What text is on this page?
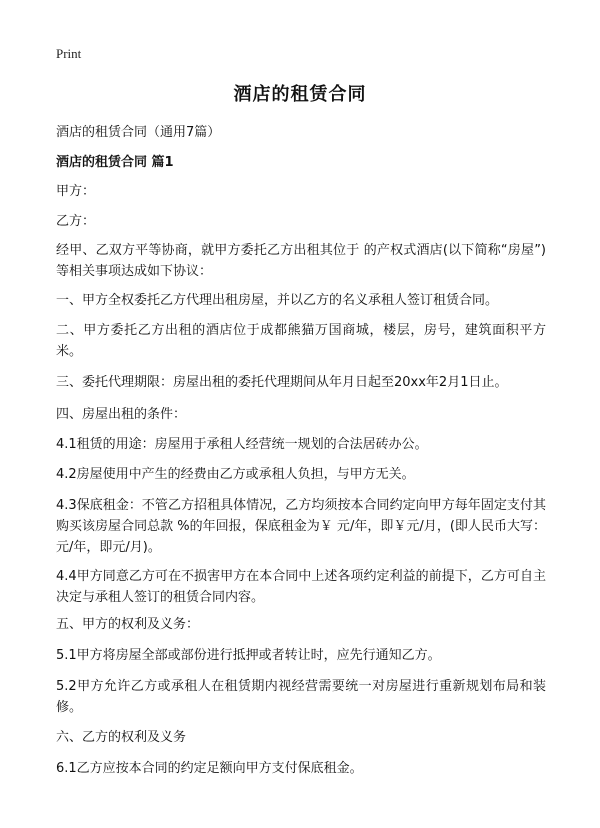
Print
酒店的租赁合同
酒店的租赁合同（通用7篇）
酒店的租赁合同 篇1
甲方：
乙方：
经甲、乙双方平等协商，就甲方委托乙方出租其位于 的产权式酒店(以下简称“房屋”)等相关事项达成如下协议：
一、甲方全权委托乙方代理出租房屋，并以乙方的名义承租人签订租赁合同。
二、甲方委托乙方出租的酒店位于成都熊猫万国商城，楼层，房号，建筑面积平方 米。
三、委托代理期限：房屋出租的委托代理期间从年月日起至20xx年2月1日止。
四、房屋出租的条件：
4.1租赁的用途：房屋用于承租人经营统一规划的合法居砖办公。
4.2房屋使用中产生的经费由乙方或承租人负担，与甲方无关。
4.3保底租金：不管乙方招租具体情况，乙方均须按本合同约定向甲方每年固定支付其购买该房屋合同总款 %的年回报，保底租金为￥ 元/年，即￥元/月，(即人民币大写：元/年，即元/月)。
4.4甲方同意乙方可在不损害甲方在本合同中上述各项约定利益的前提下，乙方可自主决定与承租人签订的租赁合同内容。
五、甲方的权利及义务：
5.1甲方将房屋全部或部份进行抵押或者转让时，应先行通知乙方。
5.2甲方允许乙方或承租人在租赁期内视经营需要统一对房屋进行重新规划布局和装修。
六、乙方的权利及义务
6.1乙方应按本合同的约定足额向甲方支付保底租金。
